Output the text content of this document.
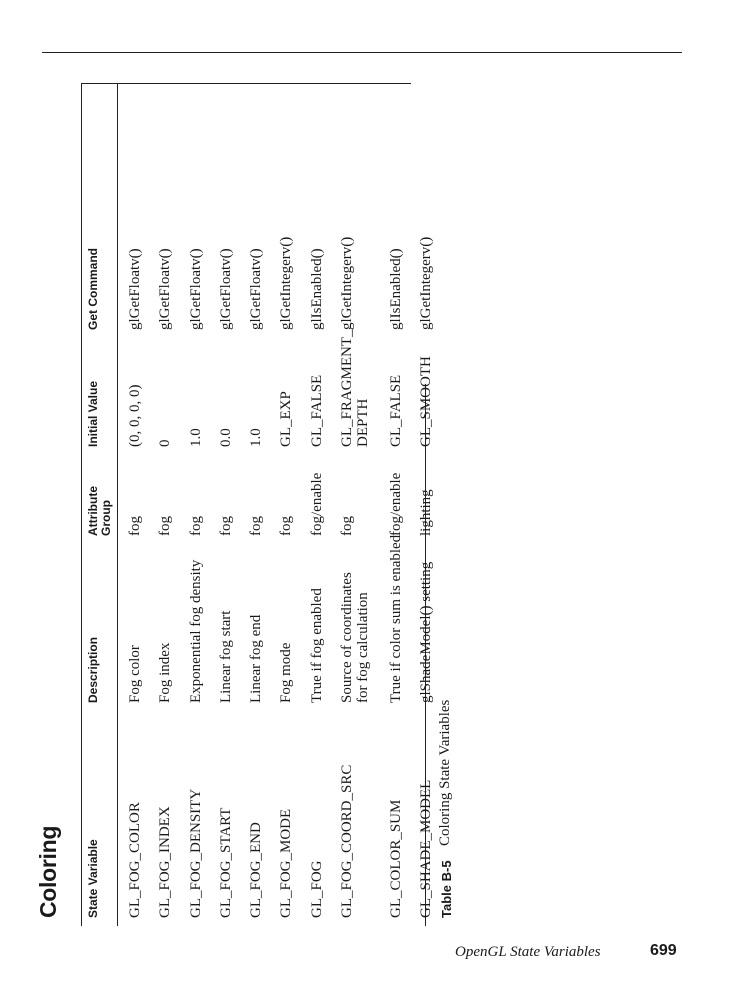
Coloring State Variable
Description
Attribute Group
Initial Value
Get Command
GL_FOG_COLOR
Fog color
fog
(0, 0, 0, 0)
glGetFloatv()
GL_FOG_INDEX
Fog index
fog
0
glGetFloatv()
GL_FOG_DENSITY
Exponential fog density
fog
1.0
glGetFloatv()
GL_FOG_START
Linear fog start
fog
0.0
glGetFloatv()
GL_FOG_END
Linear fog end
fog
1.0
glGetFloatv()
GL_FOG_MODE
Fog mode
fog
GL_EXP
glGetIntegerv()
GL_FOG
True if fog enabled
fog/enable
GL_FALSE
glIsEnabled()
GL_FOG_COORD_SRC
Source of coordinates for fog calculation
fog
GL_FRAGMENT_ DEPTH
glGetIntegerv()
GL_COLOR_SUM
True if color sum is enabled
fog/enable
GL_FALSE
glIsEnabled()
GL_SHADE_MODEL
glShadeModel() setting
lighting
GL_SMOOTH
glGetIntegerv()
Table B-5
Coloring State Variables
OpenGL State Variables	699
